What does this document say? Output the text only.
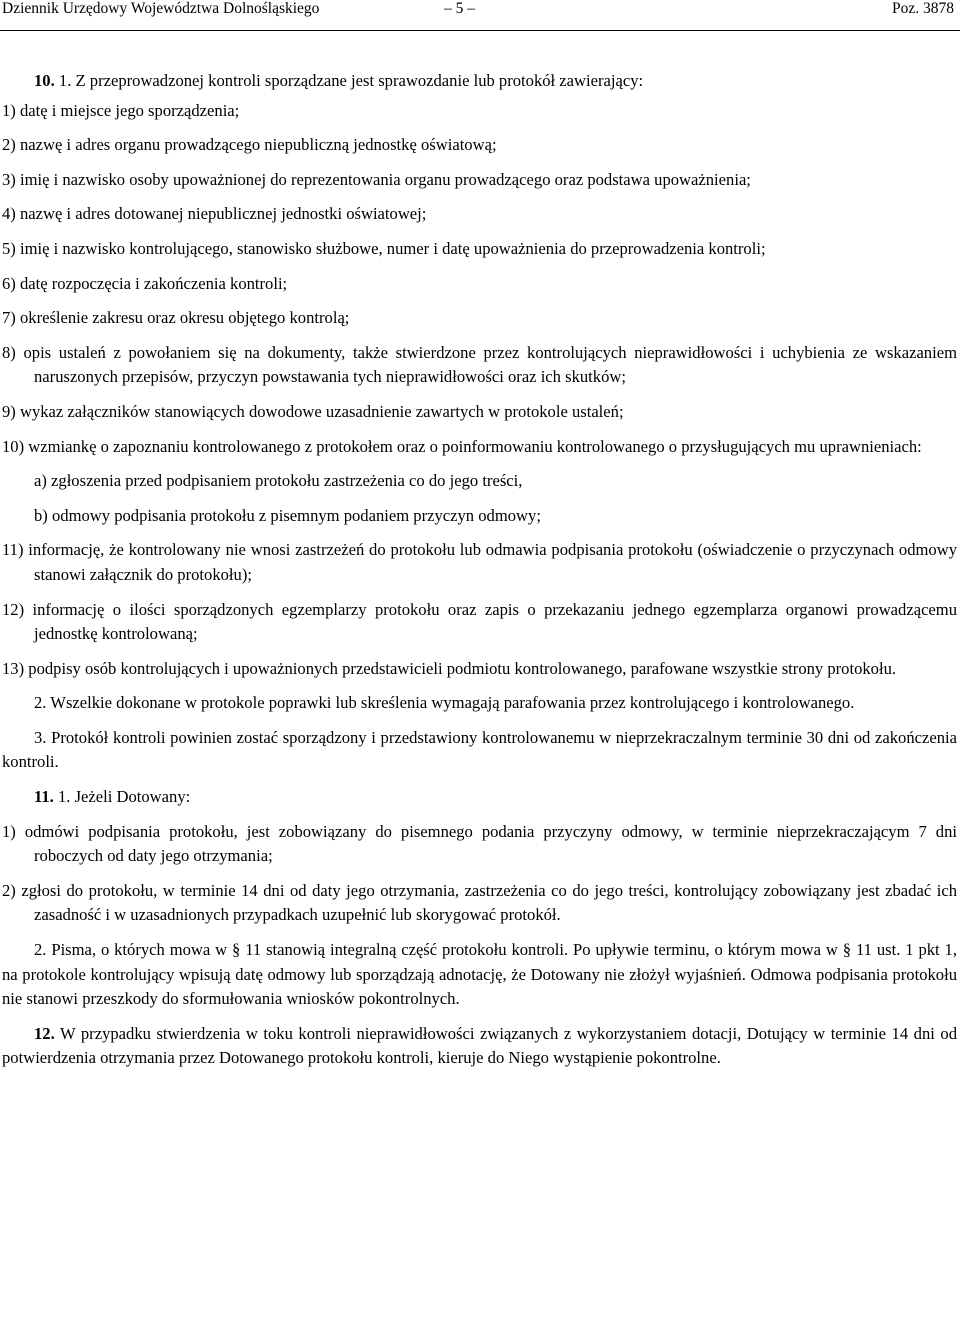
Dziennik Urzędowy Województwa Dolnośląskiego	– 5 –	Poz. 3878

10. 1. Z przeprowadzonej kontroli sporządzane jest sprawozdanie lub protokół zawierający:

1) datę i miejsce jego sporządzenia;

2) nazwę i adres organu prowadzącego niepubliczną jednostkę oświatową;

3) imię i nazwisko osoby upoważnionej do reprezentowania organu prowadzącego oraz podstawa upoważnienia;

4) nazwę i adres dotowanej niepublicznej jednostki oświatowej;

5) imię i nazwisko kontrolującego, stanowisko służbowe, numer i datę upoważnienia do przeprowadzenia kontroli;

6) datę rozpoczęcia i zakończenia kontroli;

7) określenie zakresu oraz okresu objętego kontrolą;

8) opis ustaleń z powołaniem się na dokumenty, także stwierdzone przez kontrolujących nieprawidłowości i uchybienia ze wskazaniem naruszonych przepisów, przyczyn powstawania tych nieprawidłowości oraz ich skutków;

9) wykaz załączników stanowiących dowodowe uzasadnienie zawartych w protokole ustaleń;

10) wzmiankę o zapoznaniu kontrolowanego z protokołem oraz o poinformowaniu kontrolowanego o przysługujących mu uprawnieniach:

a) zgłoszenia przed podpisaniem protokołu zastrzeżenia co do jego treści,

b) odmowy podpisania protokołu z pisemnym podaniem przyczyn odmowy;

11) informację, że kontrolowany nie wnosi zastrzeżeń do protokołu lub odmawia podpisania protokołu (oświadczenie o przyczynach odmowy stanowi załącznik do protokołu);

12) informację o ilości sporządzonych egzemplarzy protokołu oraz zapis o przekazaniu jednego egzemplarza organowi prowadzącemu jednostkę kontrolowaną;

13) podpisy osób kontrolujących i upoważnionych przedstawicieli podmiotu kontrolowanego, parafowane wszystkie strony protokołu.

2. Wszelkie dokonane w protokole poprawki lub skreślenia wymagają parafowania przez kontrolującego i kontrolowanego.

3. Protokół kontroli powinien zostać sporządzony i przedstawiony kontrolowanemu w nieprzekraczalnym terminie 30 dni od zakończenia kontroli.

11. 1. Jeżeli Dotowany:

1) odmówi podpisania protokołu, jest zobowiązany do pisemnego podania przyczyny odmowy, w terminie nieprzekraczającym 7 dni roboczych od daty jego otrzymania;

2) zgłosi do protokołu, w terminie 14 dni od daty jego otrzymania, zastrzeżenia co do jego treści, kontrolujący zobowiązany jest zbadać ich zasadność i w uzasadnionych przypadkach uzupełnić lub skorygować protokół.

2. Pisma, o których mowa w § 11 stanowią integralną część protokołu kontroli. Po upływie terminu, o którym mowa w § 11 ust. 1 pkt 1, na protokole kontrolujący wpisują datę odmowy lub sporządzają adnotację, że Dotowany nie złożył wyjaśnień. Odmowa podpisania protokołu nie stanowi przeszkody do sformułowania wniosków pokontrolnych.

12. W przypadku stwierdzenia w toku kontroli nieprawidłowości związanych z wykorzystaniem dotacji, Dotujący w terminie 14 dni od potwierdzenia otrzymania przez Dotowanego protokołu kontroli, kieruje do Niego wystąpienie pokontrolne.
